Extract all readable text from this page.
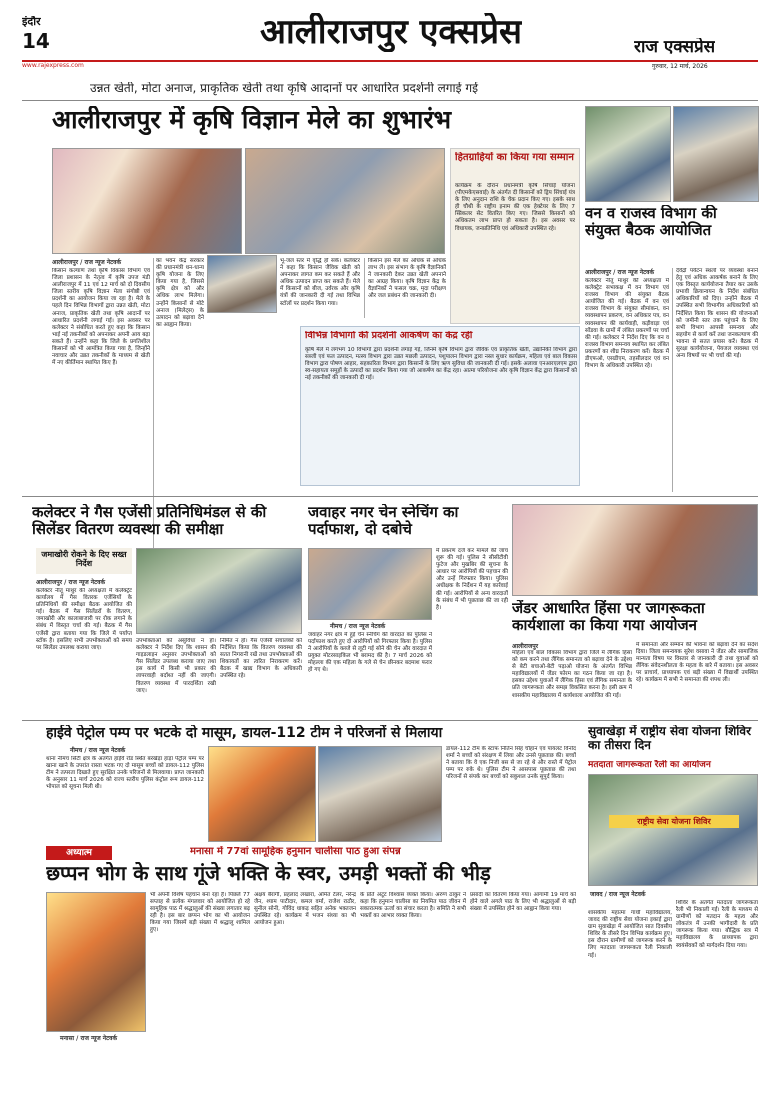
इंदौर
14	आलीराजपुर एक्सप्रेस	राज एक्सप्रेस
www.rajexpress.com	गुरुवार, 12 मार्च, 2026
उन्नत खेती, मोटा अनाज, प्राकृतिक खेती तथा कृषि आदानों पर आधारित प्रदर्शनी लगाई गई
आलीराजपुर में कृषि विज्ञान मेले का शुभारंभ
आलीराजपुर / राज न्यूज नेटवर्क
किसान कल्याण तथा कृषि विकास विभाग एवं जिला प्रशासन के नेतृत्व में कृषि उपज मंडी आलीराजपुर में 11 एवं 12 मार्च को दो दिवसीय जिला स्तरीय कृषि विज्ञान मेला संगोष्ठी एवं प्रदर्शनी का आयोजन किया जा रहा है। मेले के पहले दिन विभिन्न विभागों द्वारा उन्नत खेती, मोटा अनाज, प्राकृतिक खेती तथा कृषि आदानों पर आधारित प्रदर्शनी लगाई गई। इस अवसर पर कलेक्टर ने संबोधित करते हुए कहा कि किसान भाई नई तकनीकों को अपनाकर अपनी आय बढ़ा सकते हैं। उन्होंने कहा कि जिले के प्रगतिशील किसानों को भी आमंत्रित किया गया है, जिन्होंने नवाचार और उन्नत तकनीकों के माध्यम से खेती में नए कीर्तिमान स्थापित किए हैं।
का भवन केंद्र सरकार की प्रधानमंत्री धन-धान्य कृषि योजना के लिए किया गया है, जिससे कृषि क्षेत्र को और अधिक लाभ मिलेगा। उन्होंने किसानों से मोटे अनाज (मिलेट्स) के उत्पादन को बढ़ावा देने का आह्वान किया।
भू-जल स्तर में वृद्धि हो सके। कलेक्टर ने कहा कि किसान जैविक खेती को अपनाकर लागत कम कर सकते हैं और अधिक उत्पादन प्राप्त कर सकते हैं। मेले में किसानों को बीज, उर्वरक और कृषि यंत्रों की जानकारी दी गई तथा विभिन्न स्टॉलों पर प्रदर्शन किया गया।
किसान इस मेले का अधिक से अधिक लाभ लें। इस संभाग के कृषि वैज्ञानिकों ने जानकारी देकर उन्नत खेती अपनाने का आग्रह किया। कृषि विज्ञान केंद्र के वैज्ञानिकों ने फसल चक्र, मृदा परीक्षण और जल प्रबंधन की जानकारी दी।
हितग्राहियों का किया गया सम्मान
कार्यक्रम के दौरान प्रधानमंत्री कृषि सिंचाई योजना (पीएमकेएसवाई) के अंतर्गत दी किसानों को ड्रिप सिंचाई यंत्र के लिए अनुदान राशि के चेक प्रदान किए गए। इसके साथ ही चौथी के राष्ट्रीय इनाम की एक हेक्टेयर के लिए 7 स्प्रिंकलर सेट वितरित किए गए। जिससे किसानों को अधिकतम लाभ प्राप्त हो सकता है। इस अवसर पर विधायक, जनप्रतिनिधि एवं अधिकारी उपस्थित रहे।
विभिन्न विभागों की प्रदर्शनी आकर्षण का केंद्र रही
कृषि मेले में लगभग 10 विभागों द्वारा प्रदर्शनी लगाई गई, जिनमें कृषि विभाग द्वारा जैविक एवं प्राकृतिक खेती, उद्यानिकी विभाग द्वारा सब्जी एवं फल उत्पादन, मत्स्य विभाग द्वारा उन्नत मछली उत्पादन, पशुपालन विभाग द्वारा नस्ल सुधार कार्यक्रम, महिला एवं बाल विकास विभाग द्वारा पोषण आहार, सहकारिता विभाग द्वारा किसानों के लिए ऋण सुविधा की जानकारी दी गई। इसके अलावा एनआरएलएम द्वारा स्व-सहायता समूहों के उत्पादों का प्रदर्शन किया गया जो आकर्षण का केंद्र रहा। आत्मा परियोजना और कृषि विज्ञान केंद्र द्वारा किसानों को नई तकनीकों की जानकारी दी गई।
वन व राजस्व विभाग की संयुक्त बैठक आयोजित
आलीराजपुर / राज न्यूज नेटवर्क
कलेक्टर नीतू माथुर की अध्यक्षता में कलेक्ट्रेट सभाकक्ष में वन विभाग एवं राजस्व विभाग की संयुक्त बैठक आयोजित की गई। बैठक में वन एवं राजस्व विभाग के संयुक्त सीमांकन, वन व्यवस्थापन प्रकरण, वन अधिकार पत्र, वन व्यवस्थापन की कार्यवाही, कड़ीवाड़ा एवं सोंडवा के ग्रामों में लंबित प्रकरणों पर चर्चा की गई। कलेक्टर ने निर्देश दिए कि वन व राजस्व विभाग समन्वय स्थापित कर लंबित प्रकरणों का शीघ्र निराकरण करें। बैठक में डीएफओ, एसडीएम, तहसीलदार एवं वन विभाग के अधिकारी उपस्थित रहे।
देवेंद्रों पर्यटन स्थलों पर व्यवस्था बनाने हेतु एवं अधिक आकर्षक बनाने के लिए एक विस्तृत कार्ययोजना तैयार कर उसके प्रभावी क्रियान्वयन के निर्देश संबंधित अधिकारियों को दिए। उन्होंने बैठक में उपस्थित सभी विभागीय अधिकारियों को निर्देशित किया कि शासन की योजनाओं को जमीनी स्तर तक पहुंचाने के लिए सभी विभाग आपसी समन्वय और सहयोग से कार्य करें तथा जनकल्याण की भावना से सतत प्रयास करें। बैठक में सुरक्षा कार्ययोजना, पेयजल व्यवस्था एवं अन्य विषयों पर भी चर्चा की गई।
कलेक्टर ने गैस एजेंसी प्रतिनिधिमंडल से की सिलेंडर वितरण व्यवस्था की समीक्षा
जमाखोरी रोकने के दिए सख्त निर्देश
आलीराजपुर / राज न्यूज नेटवर्क
कलेक्टर नीतू माथुर की अध्यक्षता में कलेक्ट्रेट कार्यालय में गैस वितरक एजेंसियों के प्रतिनिधियों की समीक्षा बैठक आयोजित की गई। बैठक में गैस सिलेंडरों के वितरण, जमाखोरी और कालाबाजारी पर रोक लगाने के संबंध में विस्तृत चर्चा की गई। बैठक में गैस एजेंसी द्वारा बताया गया कि जिले में पर्याप्त स्टॉक है। इसलिए सभी उपभोक्ताओं को समय पर सिलेंडर उपलब्ध कराया जाए।
उपभोक्ताओं को असुविधा न हो। कलेक्टर ने निर्देश दिए कि शासन की गाइडलाइन अनुसार उपभोक्ताओं को गैस सिलेंडर उपलब्ध कराया जाए तथा इस कार्य में किसी भी प्रकार की लापरवाही बर्दाश्त नहीं की जाएगी। वितरण व्यवस्था में पारदर्शिता रखी जाए।
निर्मित न हो। गैस एजेंसी संचालकों को निर्देशित किया कि वितरण व्यवस्था की सतत निगरानी रखें तथा उपभोक्ताओं की शिकायतों का त्वरित निराकरण करें। बैठक में खाद्य विभाग के अधिकारी उपस्थित रहे।
जवाहर नगर चेन स्नेचिंग का पर्दाफाश, दो दबोचे
नीमच / राज न्यूज नेटवर्क
जवाहर नगर क्षेत्र में हुई चेन स्नेचिंग की वारदात का पुलिस ने पर्दाफाश करते हुए दो आरोपियों को गिरफ्तार किया है। पुलिस ने आरोपियों के कब्जे से लूटी गई सोने की चेन और वारदात में प्रयुक्त मोटरसाइकिल भी बरामद की है। 7 मार्च 2026 को मोहल्ला की एक महिला के गले से चेन छीनकर बदमाश फरार हो गए थे।
में प्रकरण दर्ज कर मामले की जांच शुरू की गई। पुलिस ने सीसीटीवी फुटेज और मुखबिर की सूचना के आधार पर आरोपियों की पहचान की और उन्हें गिरफ्तार किया। पुलिस अधीक्षक के निर्देशन में यह कार्रवाई की गई। आरोपियों से अन्य वारदातों के संबंध में भी पूछताछ की जा रही है।	जेंडर आधारित हिंसा पर जागरूकता कार्यशाला का किया गया आयोजन
आलीराजपुर
महिला एवं बाल विकास विभाग द्वारा जिले में लैंगिक हिंसा को कम करने तथा लैंगिक समानता को बढ़ावा देने के उद्देश्य से बेटी बचाओ-बेटी पढ़ाओ योजना के अंतर्गत विभिन्न महाविद्यालयों में जेंडर फोरम का गठन किया जा रहा है। इसका उद्देश्य युवाओं में लैंगिक हिंसा एवं लैंगिक समानता के प्रति जागरूकता और समझ विकसित करना है। इसी क्रम में शासकीय महाविद्यालय में कार्यशाला आयोजित की गई।
में समानता और सम्मान की भावना को बढ़ावा देने का संदेश दिया। जिला समन्वयक सुरेश वसावा ने जेंडर और सामाजिक मान्यता विषय पर विस्तार से जानकारी दी तथा युवाओं को लैंगिक संवेदनशीलता के महत्व के बारे में बताया। इस अवसर पर प्राचार्य, प्राध्यापक एवं बड़ी संख्या में विद्यार्थी उपस्थित रहे। कार्यक्रम में सभी ने समानता की शपथ ली।
हाईवे पेट्रोल पम्प पर भटके दो मासूम, डायल-112 टीम ने परिजनों से मिलाया
नीमच / राज न्यूज नेटवर्क
थाना नीमच सिटी क्षेत्र के अंतर्गत हाईवे रोड स्थित बरखेड़ा हाड़ा पेट्रोल पम्प पर खाना खाने के उपरांत रास्ता भटक गए दो मासूम बच्चों को डायल-112 पुलिस टीम ने तत्परता दिखाते हुए सुरक्षित उनके परिजनों से मिलवाया। प्राप्त जानकारी के अनुसार 11 मार्च 2026 को राज्य स्तरीय पुलिस कंट्रोल रूम डायल-112 भोपाल को सूचना मिली थी।
डायल-112 टीम के स्टाफ नितिन सिंह चौहान एवं पायलट विनोद शर्मा ने बच्चों को संरक्षण में लिया और उनसे पूछताछ की। बच्चों ने बताया कि वे एक निजी बस से जा रहे थे और रास्ते में पेट्रोल पम्प पर रुके थे। पुलिस टीम ने आसपास पूछताछ की तथा परिजनों से संपर्क कर बच्चों को सकुशल उनके सुपुर्द किया।
सुवाखेड़ा में राष्ट्रीय सेवा योजना शिविर का तीसरा दिन
मतदाता जागरूकता रैली का आयोजन
राष्ट्रीय सेवा योजना शिविर
जावद / राज न्यूज नेटवर्क
शासकीय महात्मा गांधी महाविद्यालय, जावद की राष्ट्रीय सेवा योजना इकाई द्वारा ग्राम सुवाखेड़ा में आयोजित सात दिवसीय शिविर के तीसरे दिन विभिन्न कार्यक्रम हुए। इस दौरान ग्रामीणों को जागरूक करने के लिए मतदाता जागरूकता रैली निकाली गई।
शिविर के अंतर्गत मतदाता जागरूकता रैली भी निकाली गई। रैली के माध्यम से ग्रामीणों को मतदान के महत्व और लोकतंत्र में उनकी भागीदारी के प्रति जागरूक किया गया। बौद्धिक सत्र में महाविद्यालय के प्राध्यापक द्वारा स्वयंसेवकों को मार्गदर्शन दिया गया।
अध्यात्म	मनासा में 77वां सामूहिक हनुमान चालीसा पाठ हुआ संपन्न
छप्पन भोग के साथ गूंजे भक्ति के स्वर, उमड़ी भक्तों की भीड़
मनासा / राज न्यूज नेटवर्क
भी अपनी विशेष पहचान बना रहा है। पिछले 77 सप्ताह से प्रत्येक मंगलवार को आयोजित हो रहे सामूहिक पाठ में श्रद्धालुओं की संख्या लगातार बढ़ रही है। इस बार छप्पन भोग का भी आयोजन किया गया जिसमें बड़ी संख्या में श्रद्धालु शामिल हुए।
अक्षय बैरागी, प्रहलाद लखारा, अमित टेलर, नरेन्द्र जैन, श्याम पाटीदार, कमल वर्मा, राजेश राठौर, सुनील सोनी, गोविंद धाकड़ सहित अनेक भक्तजन उपस्थित रहे। कार्यक्रम में भजन संध्या का भी आयोजन हुआ।
के प्रति अटूट विश्वास व्यक्त किया। अरुण ठाकुर ने कहा कि हनुमान चालीसा का नियमित पाठ जीवन में सकारात्मक ऊर्जा का संचार करता है। समिति ने सभी भक्तों का आभार व्यक्त किया।
प्रसादी का वितरण किया गया। आगामी 19 मार्च को होने वाले अगले पाठ के लिए भी श्रद्धालुओं से बड़ी संख्या में उपस्थित होने का आह्वान किया गया।
